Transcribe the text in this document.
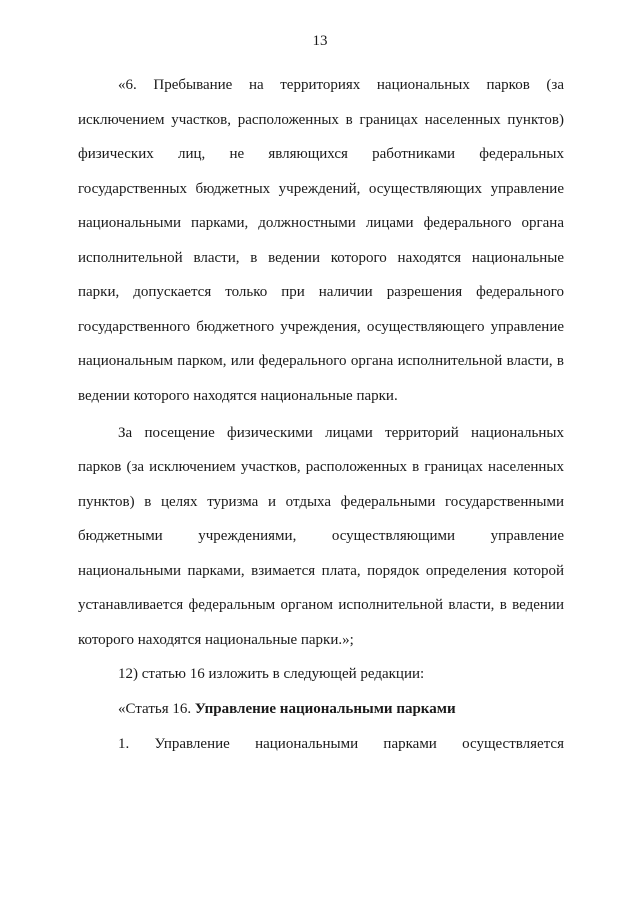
13
«6. Пребывание на территориях национальных парков (за
исключением участков, расположенных в границах населенных пунктов)
физических лиц, не являющихся работниками федеральных
государственных бюджетных учреждений, осуществляющих управление
национальными парками, должностными лицами федерального органа
исполнительной власти, в ведении которого находятся национальные
парки, допускается только при наличии разрешения федерального
государственного бюджетного учреждения, осуществляющего управление
национальным парком, или федерального органа исполнительной власти, в
ведении которого находятся национальные парки.
За посещение физическими лицами территорий национальных
парков (за исключением участков, расположенных в границах населенных
пунктов) в целях туризма и отдыха федеральными государственными
бюджетными учреждениями, осуществляющими управление
национальными парками, взимается плата, порядок определения которой
устанавливается федеральным органом исполнительной власти, в ведении
которого находятся национальные парки.»;
12) статью 16 изложить в следующей редакции:
«Статья 16. Управление национальными парками
1. Управление национальными парками осуществляется
